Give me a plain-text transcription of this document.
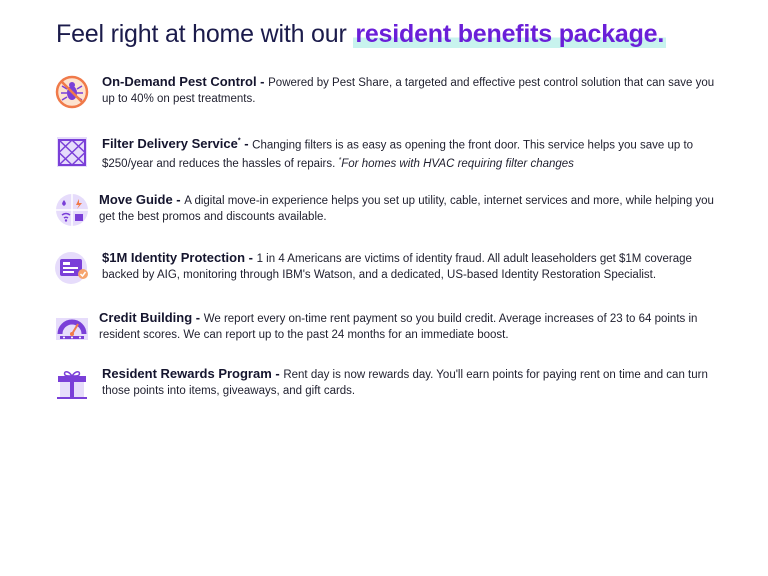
Feel right at home with our resident benefits package.
On-Demand Pest Control - Powered by Pest Share, a targeted and effective pest control solution that can save you up to 40% on pest treatments.
Filter Delivery Service* - Changing filters is as easy as opening the front door. This service helps you save up to $250/year and reduces the hassles of repairs. *For homes with HVAC requiring filter changes
Move Guide - A digital move-in experience helps you set up utility, cable, internet services and more, while helping you get the best promos and discounts available.
$1M Identity Protection - 1 in 4 Americans are victims of identity fraud. All adult leaseholders get $1M coverage backed by AIG, monitoring through IBM's Watson, and a dedicated, US-based Identity Restoration Specialist.
Credit Building - We report every on-time rent payment so you build credit. Average increases of 23 to 64 points in resident scores. We can report up to the past 24 months for an immediate boost.
Resident Rewards Program - Rent day is now rewards day. You'll earn points for paying rent on time and can turn those points into items, giveaways, and gift cards.
